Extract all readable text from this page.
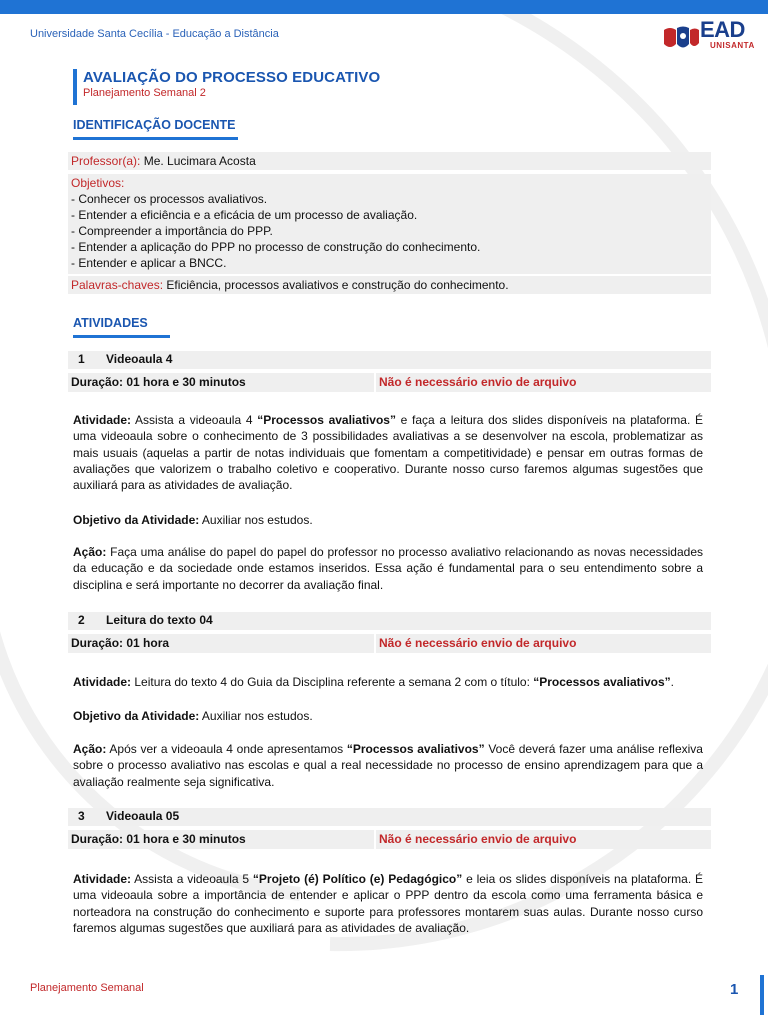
Universidade Santa Cecília - Educação a Distância	EAD
UNISANTA
AVALIAÇÃO DO PROCESSO EDUCATIVO
Planejamento Semanal 2
IDENTIFICAÇÃO DOCENTE
Professor(a): Me. Lucimara Acosta
Objetivos:
- Conhecer os processos avaliativos.
- Entender a eficiência e a eficácia de um processo de avaliação.
- Compreender a importância do PPP.
- Entender a aplicação do PPP no processo de construção do conhecimento.
- Entender e aplicar a BNCC.
Palavras-chaves: Eficiência, processos avaliativos e construção do conhecimento.
ATIVIDADES
1 Videoaula 4
Duração: 01 hora e 30 minutos	Não é necessário envio de arquivo
Atividade: Assista a videoaula 4 “Processos avaliativos” e faça a leitura dos slides disponíveis na plataforma. É uma videoaula sobre o conhecimento de 3 possibilidades avaliativas a se desenvolver na escola, problematizar as mais usuais (aquelas a partir de notas individuais que fomentam a competitividade) e pensar em outras formas de avaliações que valorizem o trabalho coletivo e cooperativo. Durante nosso curso faremos algumas sugestões que auxiliará para as atividades de avaliação.
Objetivo da Atividade: Auxiliar nos estudos.
Ação: Faça uma análise do papel do papel do professor no processo avaliativo relacionando as novas necessidades da educação e da sociedade onde estamos inseridos. Essa ação é fundamental para o seu entendimento sobre a disciplina e será importante no decorrer da avaliação final.
2 Leitura do texto 04
Duração: 01 hora	Não é necessário envio de arquivo
Atividade: Leitura do texto 4 do Guia da Disciplina referente a semana 2 com o título: “Processos avaliativos”.
Objetivo da Atividade: Auxiliar nos estudos.
Ação: Após ver a videoaula 4 onde apresentamos “Processos avaliativos” Você deverá fazer uma análise reflexiva sobre o processo avaliativo nas escolas e qual a real necessidade no processo de ensino aprendizagem para que a avaliação realmente seja significativa.
3 Videoaula 05
Duração: 01 hora e 30 minutos	Não é necessário envio de arquivo
Atividade: Assista a videoaula 5 “Projeto (é) Político (e) Pedagógico” e leia os slides disponíveis na plataforma. É uma videoaula sobre a importância de entender e aplicar o PPP dentro da escola como uma ferramenta básica e norteadora na construção do conhecimento e suporte para professores montarem suas aulas. Durante nosso curso faremos algumas sugestões que auxiliará para as atividades de avaliação.
Planejamento Semanal	1
